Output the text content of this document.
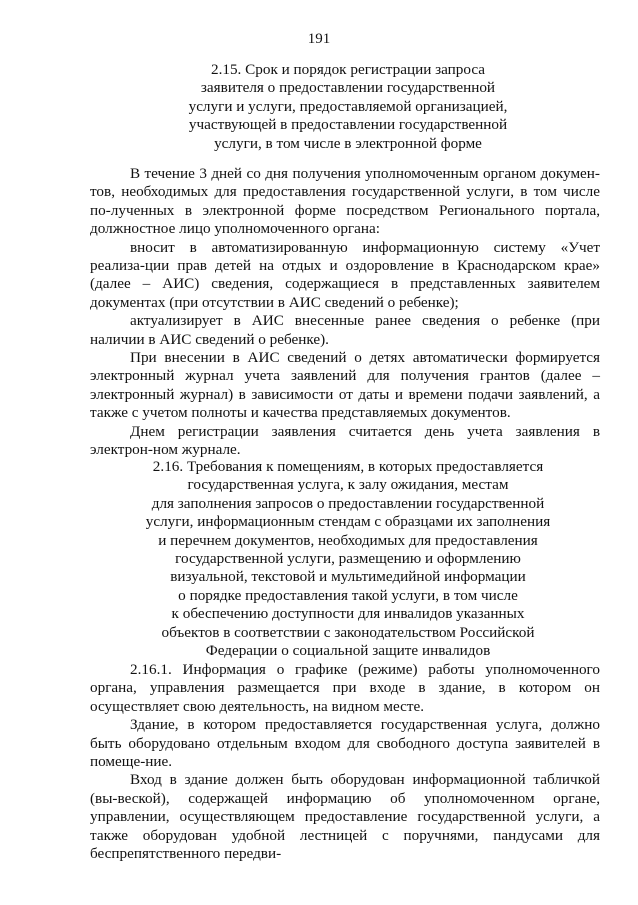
191
2.15. Срок и порядок регистрации запроса
заявителя о предоставлении государственной
услуги и услуги, предоставляемой организацией,
участвующей в предоставлении государственной
услуги, в том числе в электронной форме

В течение 3 дней со дня получения уполномоченным органом докумен-тов, необходимых для предоставления государственной услуги, в том числе по-лученных в электронной форме посредством Регионального портала, должностное лицо уполномоченного органа:

вносит в автоматизированную информационную систему «Учет реализа-ции прав детей на отдых и оздоровление в Краснодарском крае» (далее – АИС) сведения, содержащиеся в представленных заявителем документах (при отсутствии в АИС сведений о ребенке);

актуализирует в АИС внесенные ранее сведения о ребенке (при наличии в АИС сведений о ребенке).

При внесении в АИС сведений о детях автоматически формируется электронный журнал учета заявлений для получения грантов (далее – электронный журнал) в зависимости от даты и времени подачи заявлений, а также с учетом полноты и качества представляемых документов.

Днем регистрации заявления считается день учета заявления в электрон-ном журнале.

2.16. Требования к помещениям, в которых предоставляется
государственная услуга, к залу ожидания, местам
для заполнения запросов о предоставлении государственной
услуги, информационным стендам с образцами их заполнения
и перечнем документов, необходимых для предоставления
государственной услуги, размещению и оформлению
визуальной, текстовой и мультимедийной информации
о порядке предоставления такой услуги, в том числе
к обеспечению доступности для инвалидов указанных
объектов в соответствии с законодательством Российской
Федерации о социальной защите инвалидов

2.16.1. Информация о графике (режиме) работы уполномоченного органа, управления размещается при входе в здание, в котором он осуществляет свою деятельность, на видном месте.

Здание, в котором предоставляется государственная услуга, должно быть оборудовано отдельным входом для свободного доступа заявителей в помеще-ние.

Вход в здание должен быть оборудован информационной табличкой (вы-веской), содержащей информацию об уполномоченном органе, управлении, осуществляющем предоставление государственной услуги, а также оборудован удобной лестницей с поручнями, пандусами для беспрепятственного передви-
